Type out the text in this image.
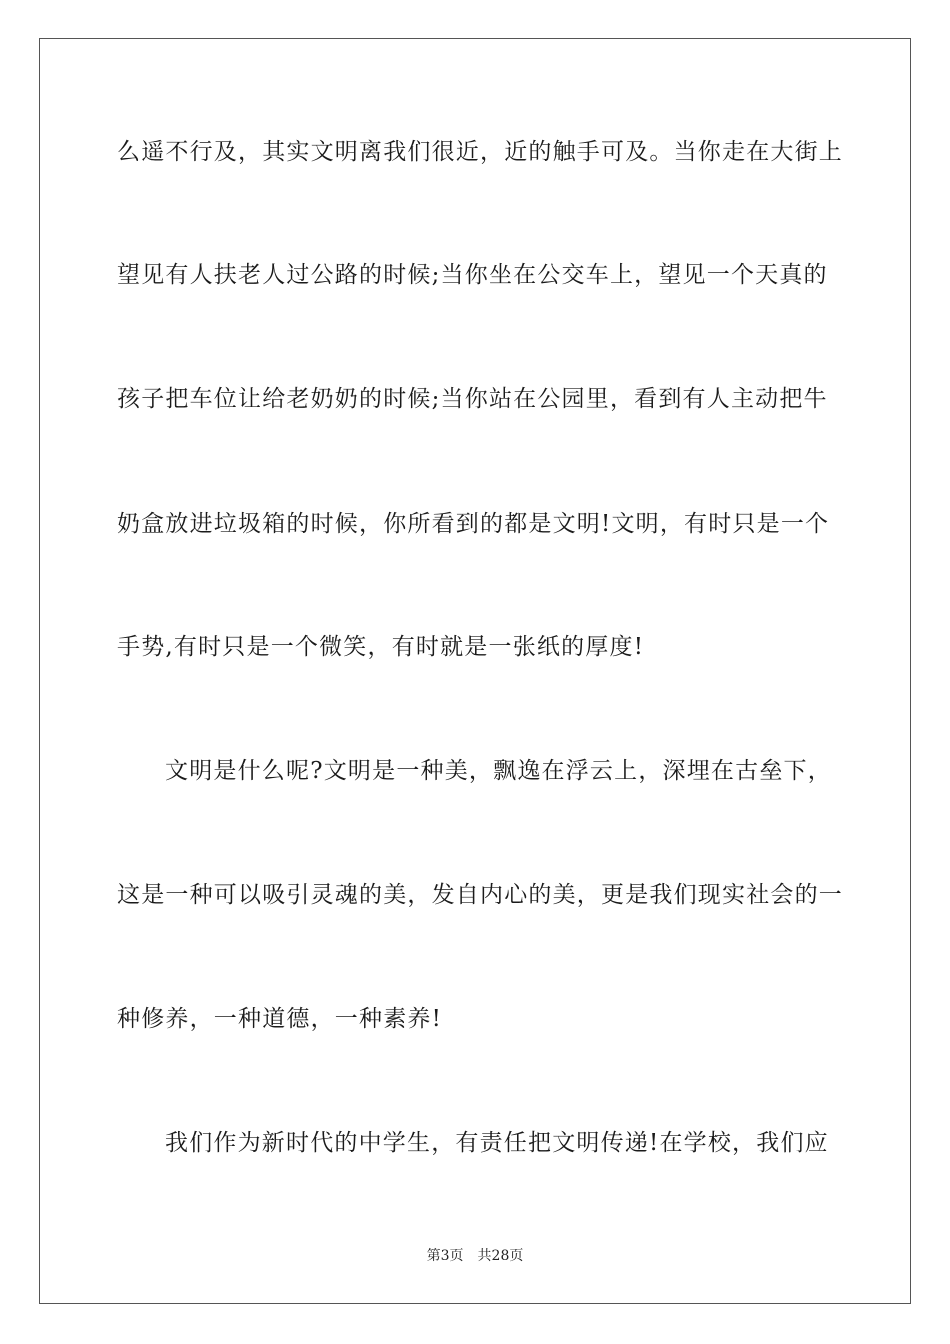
么遥不行及，其实文明离我们很近，近的触手可及。当你走在大街上
望见有人扶老人过公路的时候;当你坐在公交车上，望见一个天真的
孩子把车位让给老奶奶的时候;当你站在公园里，看到有人主动把牛
奶盒放进垃圾箱的时候，你所看到的都是文明!文明，有时只是一个
手势,有时只是一个微笑，有时就是一张纸的厚度!
文明是什么呢?文明是一种美，飘逸在浮云上，深埋在古垒下，
这是一种可以吸引灵魂的美，发自内心的美，更是我们现实社会的一
种修养，一种道德，一种素养!
我们作为新时代的中学生，有责任把文明传递!在学校，我们应
第3页 共28页
